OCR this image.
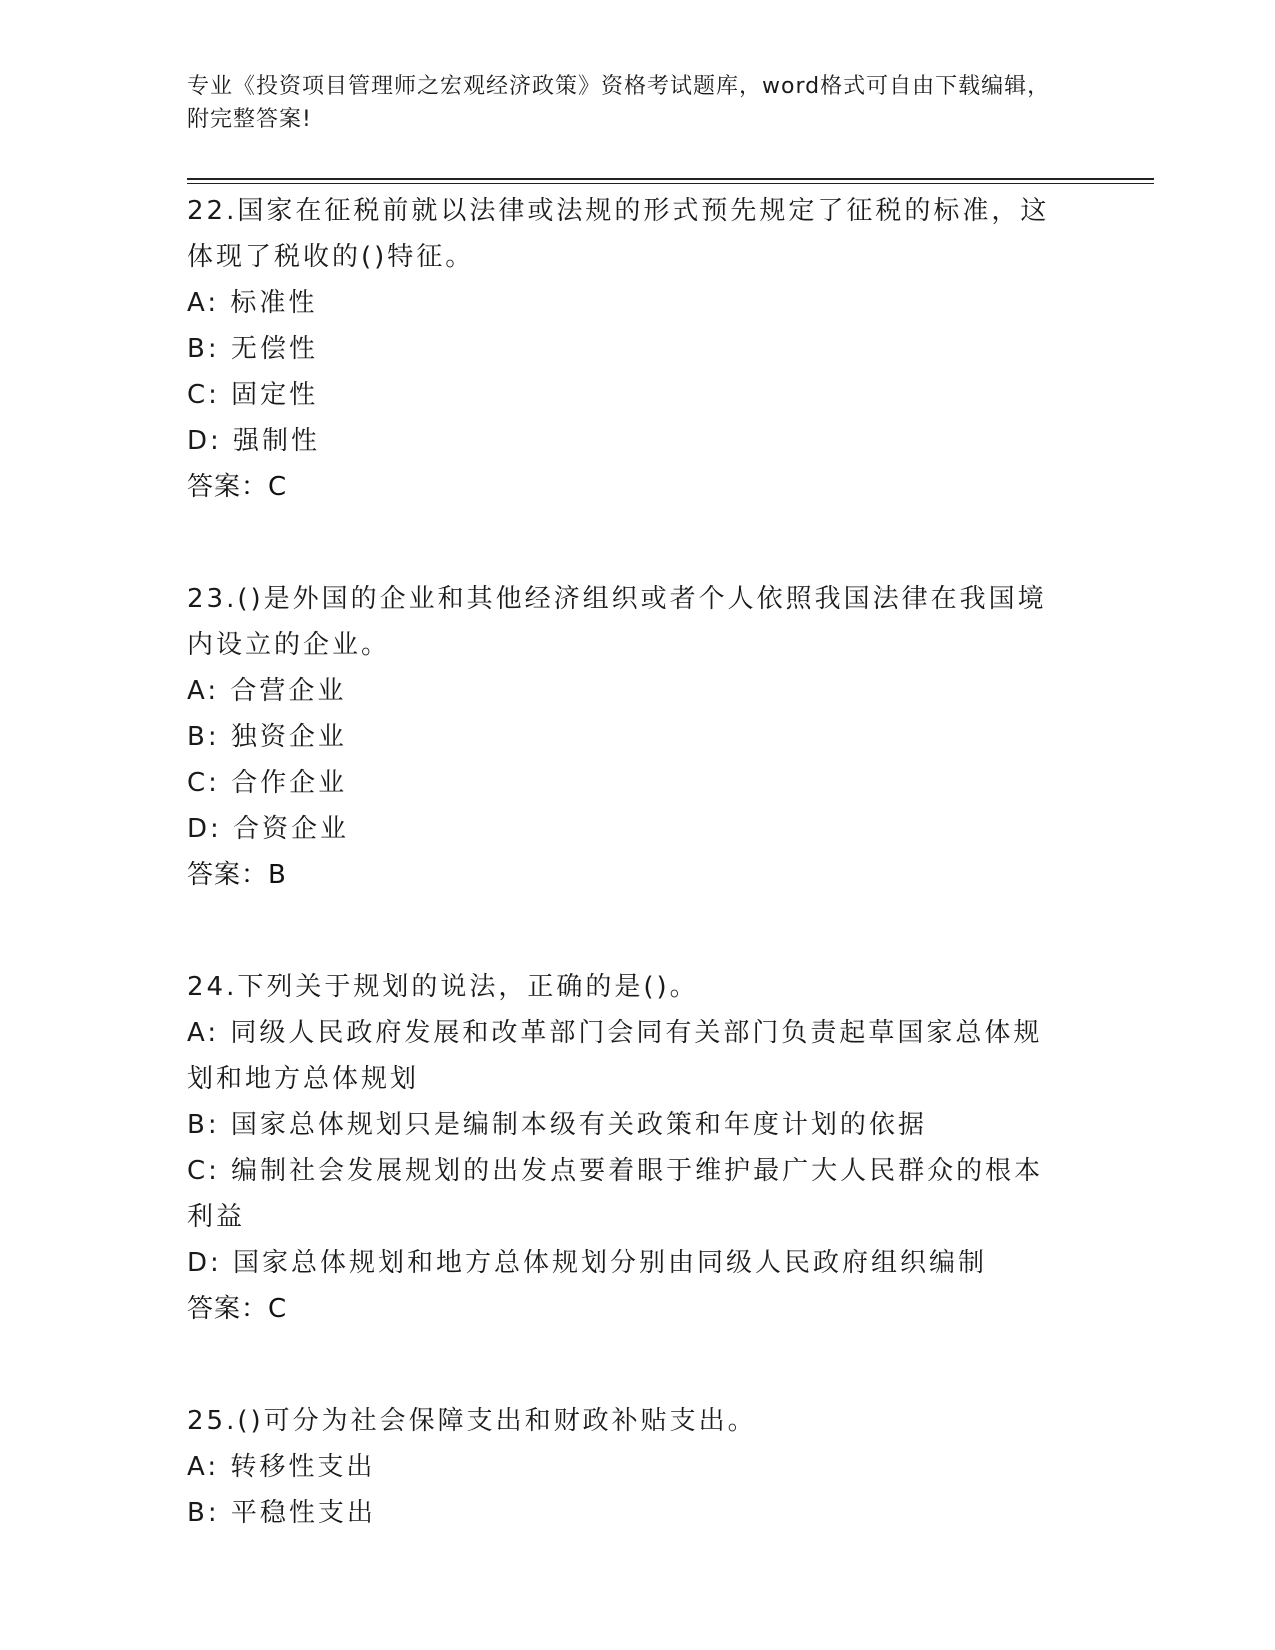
专业《投资项目管理师之宏观经济政策》资格考试题库，word格式可自由下载编辑，附完整答案!
22.国家在征税前就以法律或法规的形式预先规定了征税的标准，这体现了税收的()特征。
A: 标准性
B: 无偿性
C: 固定性
D: 强制性
答案：C
23.()是外国的企业和其他经济组织或者个人依照我国法律在我国境内设立的企业。
A: 合营企业
B: 独资企业
C: 合作企业
D: 合资企业
答案：B
24.下列关于规划的说法，正确的是()。
A: 同级人民政府发展和改革部门会同有关部门负责起草国家总体规划和地方总体规划
B: 国家总体规划只是编制本级有关政策和年度计划的依据
C: 编制社会发展规划的出发点要着眼于维护最广大人民群众的根本利益
D: 国家总体规划和地方总体规划分别由同级人民政府组织编制
答案：C
25.()可分为社会保障支出和财政补贴支出。
A: 转移性支出
B: 平稳性支出
